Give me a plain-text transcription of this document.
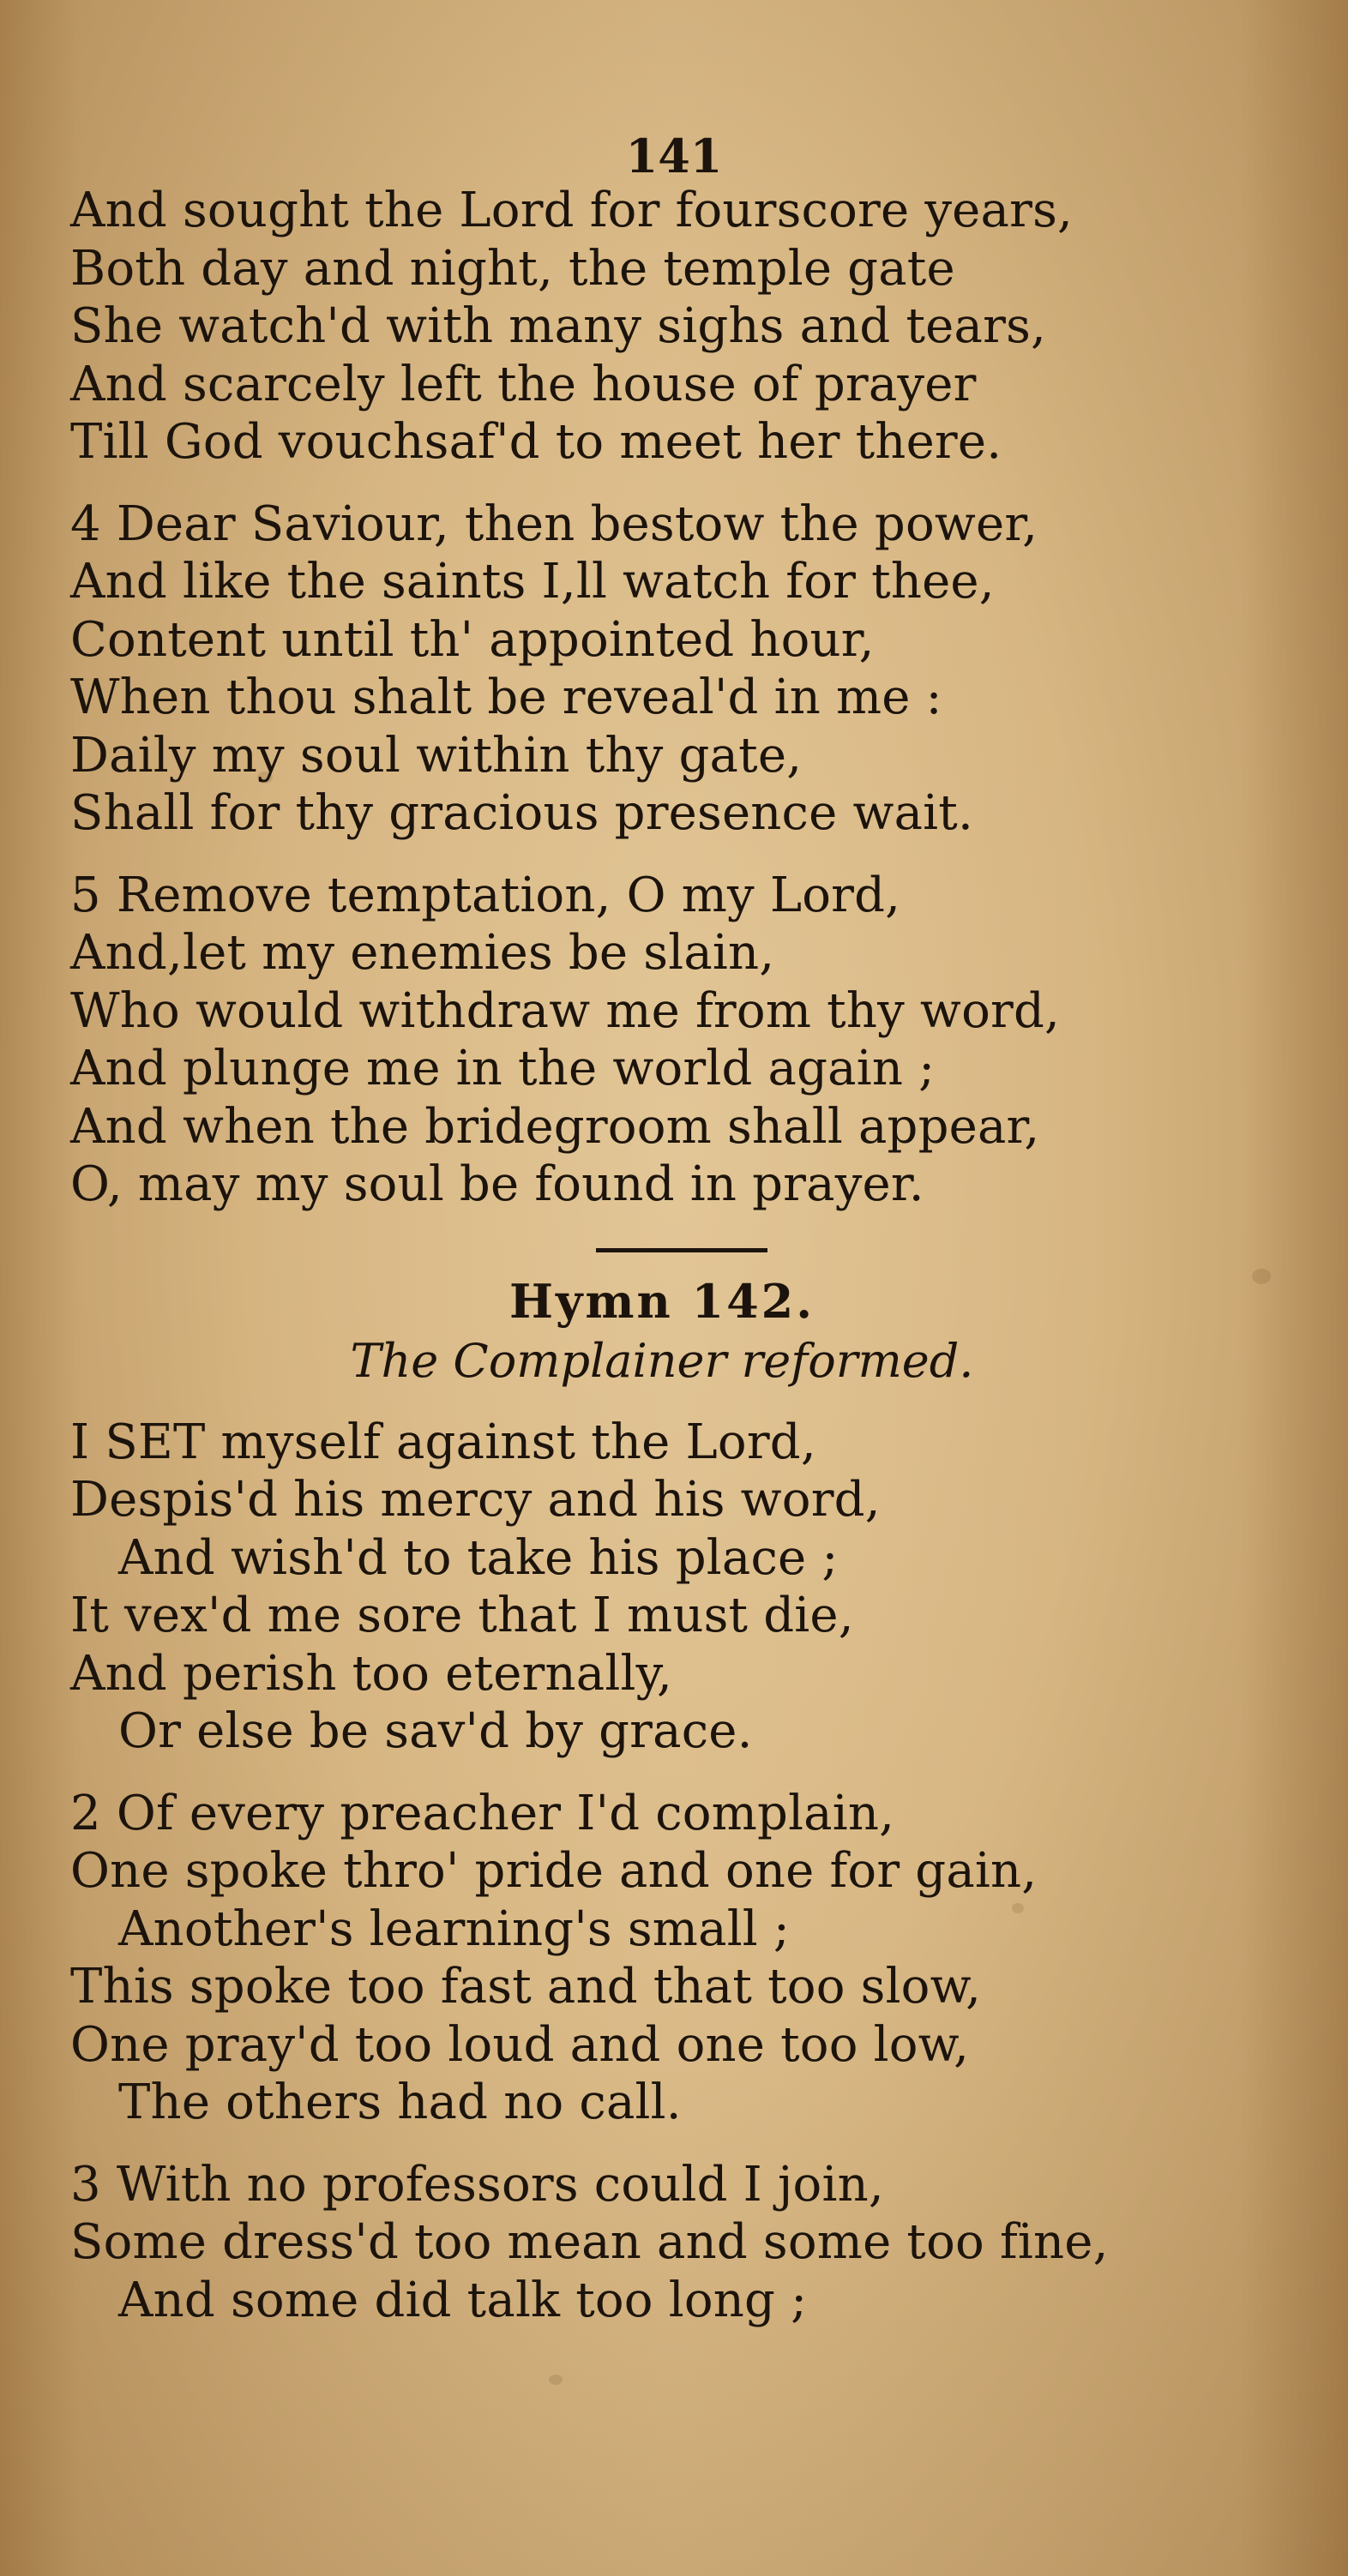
141
And sought the Lord for fourscore years,
Both day and night, the temple gate
She watch'd with many sighs and tears,
And scarcely left the house of prayer
Till God vouchsaf'd to meet her there.
4 Dear Saviour, then bestow the power,
And like the saints I,ll watch for thee,
Content until th' appointed hour,
When thou shalt be reveal'd in me :
Daily my soul within thy gate,
Shall for thy gracious presence wait.
5 Remove temptation, O my Lord,
And,let my enemies be slain,
Who would withdraw me from thy word,
And plunge me in the world again ;
And when the bridegroom shall appear,
O, may my soul be found in prayer.
Hymn 142.
The Complainer reformed.
I SET myself against the Lord,
Despis'd his mercy and his word,
And wish'd to take his place ;
It vex'd me sore that I must die,
And perish too eternally,
Or else be sav'd by grace.
2 Of every preacher I'd complain,
One spoke thro' pride and one for gain,
Another's learning's small ;
This spoke too fast and that too slow,
One pray'd too loud and one too low,
The others had no call.
3 With no professors could I join,
Some dress'd too mean and some too fine,
And some did talk too long ;
